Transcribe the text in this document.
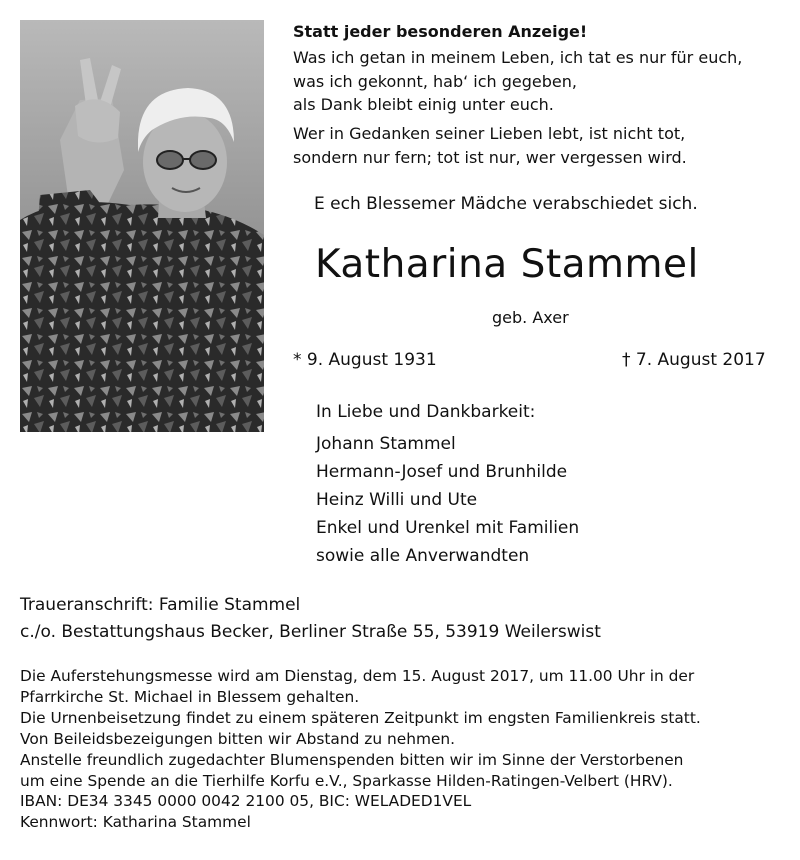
Statt jeder besonderen Anzeige!
Was ich getan in meinem Leben, ich tat es nur für euch,
was ich gekonnt, hab‘ ich gegeben,
als Dank bleibt einig unter euch.
Wer in Gedanken seiner Lieben lebt, ist nicht tot,
sondern nur fern; tot ist nur, wer vergessen wird.
E ech Blessemer Mädche verabschiedet sich.
Katharina Stammel
geb. Axer
* 9. August 1931	† 7. August 2017
In Liebe und Dankbarkeit:
Johann Stammel
Hermann-Josef und Brunhilde
Heinz Willi und Ute
Enkel und Urenkel mit Familien
sowie alle Anverwandten
Traueranschrift: Familie Stammel
c./o. Bestattungshaus Becker, Berliner Straße 55, 53919 Weilerswist
Die Auferstehungsmesse wird am Dienstag, dem 15. August 2017, um 11.00 Uhr in der
Pfarrkirche St. Michael in Blessem gehalten.
Die Urnenbeisetzung findet zu einem späteren Zeitpunkt im engsten Familienkreis statt.
Von Beileidsbezeigungen bitten wir Abstand zu nehmen.
Anstelle freundlich zugedachter Blumenspenden bitten wir im Sinne der Verstorbenen
um eine Spende an die Tierhilfe Korfu e.V., Sparkasse Hilden-Ratingen-Velbert (HRV).
IBAN: DE34 3345 0000 0042 2100 05, BIC: WELADED1VEL
Kennwort: Katharina Stammel
